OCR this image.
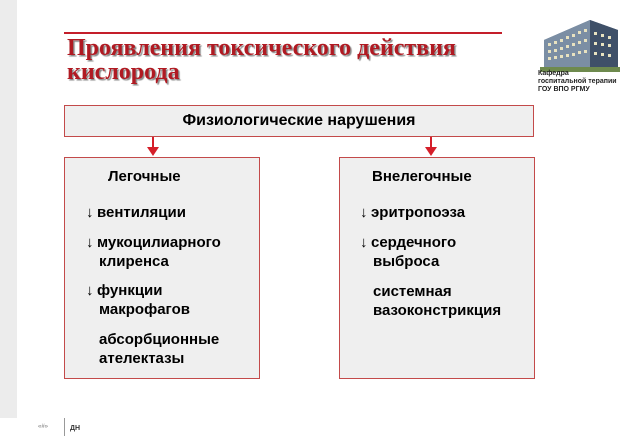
Проявления токсического действия кислорода	Кафедра
госпитальной терапии
ГОУ ВПО РГМУ
Физиологические нарушения
Легочные
↓ вентиляции
↓ мукоцилиарного
клиренса
↓ функции
макрофагов
абсорбционные
ателектазы
Внелегочные
↓ эритропоэза
↓ сердечного
выброса
системная
вазоконстрикция
«#»	ДН
